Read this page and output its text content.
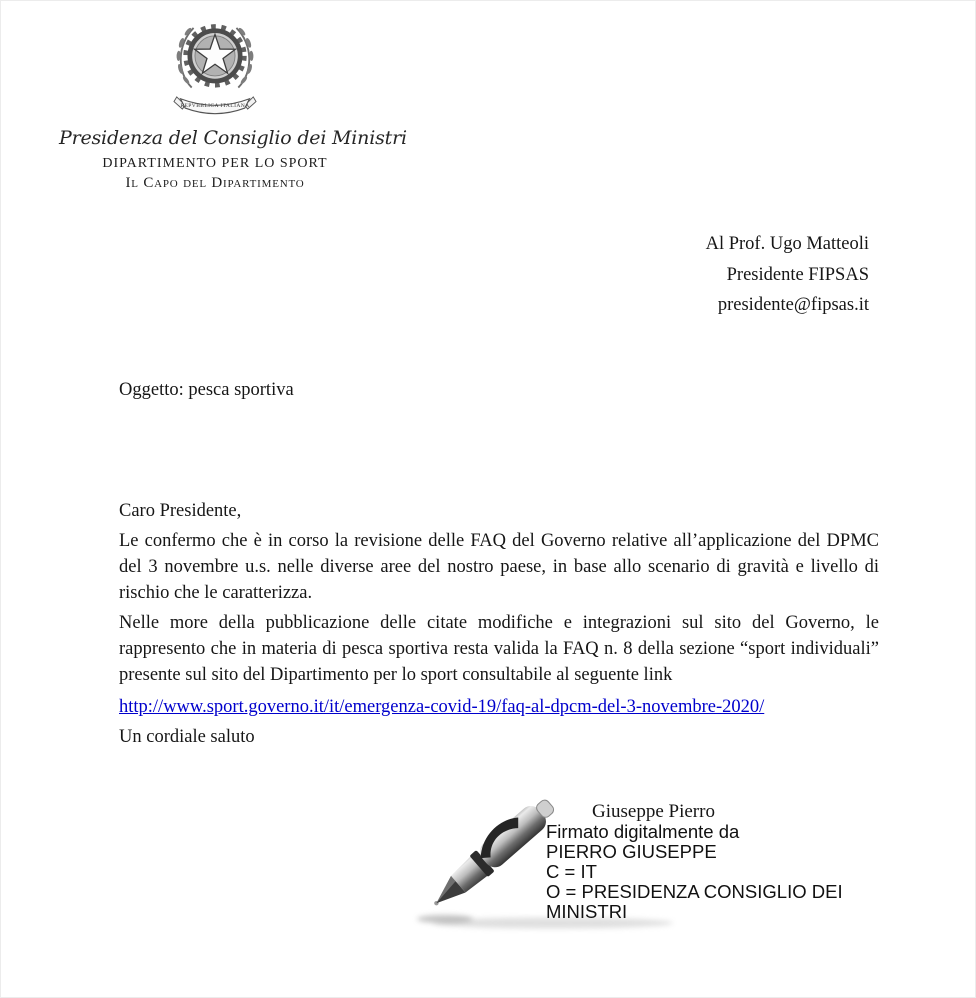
REPVBBLICA ITALIANA
Presidenza del Consiglio dei Ministri
DIPARTIMENTO PER LO SPORT
Il Capo del Dipartimento
Al Prof. Ugo Matteoli
Presidente FIPSAS
presidente@fipsas.it
Oggetto: pesca sportiva

Caro Presidente,

Le confermo che è in corso la revisione delle FAQ del Governo relative all’applicazione del DPMC del 3 novembre u.s. nelle diverse aree del nostro paese, in base allo scenario di gravità e livello di rischio che le caratterizza.

Nelle more della pubblicazione delle citate modifiche e integrazioni sul sito del Governo, le rappresento che in materia di pesca sportiva resta valida la FAQ n. 8 della sezione “sport individuali” presente sul sito del Dipartimento per lo sport consultabile al seguente link

http://www.sport.governo.it/it/emergenza-covid-19/faq-al-dpcm-del-3-novembre-2020/

Un cordiale saluto

Giuseppe Pierro
Firmato digitalmente da
PIERRO GIUSEPPE
C = IT
O = PRESIDENZA CONSIGLIO DEI MINISTRI
